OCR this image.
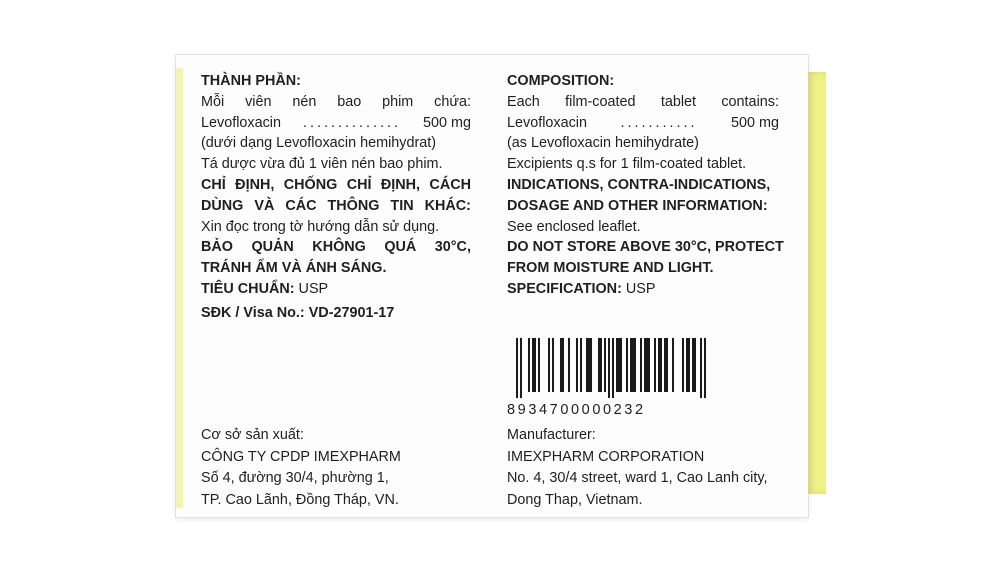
THÀNH PHẦN:
Mỗi viên nén bao phim chứa:
Levofloxacin .............. 500 mg
(dưới dạng Levofloxacin hemihydrat)
Tá dược vừa đủ 1 viên nén bao phim.
CHỈ ĐỊNH, CHỐNG CHỈ ĐỊNH, CÁCH
DÙNG VÀ CÁC THÔNG TIN KHÁC:
Xin đọc trong tờ hướng dẫn sử dụng.
BẢO QUẢN KHÔNG QUÁ 30°C,
TRÁNH ẨM VÀ ÁNH SÁNG.
TIÊU CHUẨN: USP
SĐK / Visa No.: VD-27901-17
COMPOSITION:
Each film-coated tablet contains:
Levofloxacin ........... 500 mg
(as Levofloxacin hemihydrate)
Excipients q.s for 1 film-coated tablet.
INDICATIONS, CONTRA-INDICATIONS,
DOSAGE AND OTHER INFORMATION:
See enclosed leaflet.
DO NOT STORE ABOVE 30°C, PROTECT
FROM MOISTURE AND LIGHT.
SPECIFICATION: USP
8934700000232
Cơ sở sản xuất:
CÔNG TY CPDP IMEXPHARM
Số 4, đường 30/4, phường 1,
TP. Cao Lãnh, Đồng Tháp, VN.
Manufacturer:
IMEXPHARM CORPORATION
No. 4, 30/4 street, ward 1, Cao Lanh city,
Dong Thap, Vietnam.
